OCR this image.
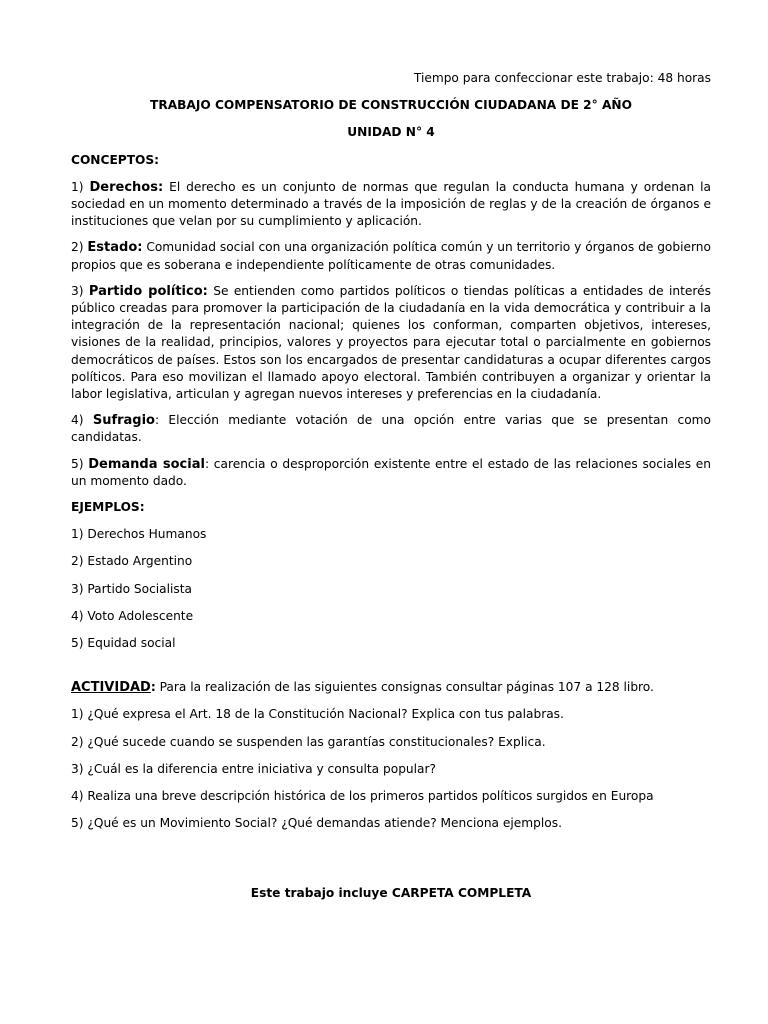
Tiempo para confeccionar este trabajo: 48 horas

TRABAJO COMPENSATORIO DE CONSTRUCCIÓN CIUDADANA DE 2° AÑO

UNIDAD N° 4

CONCEPTOS:

1) Derechos: El derecho es un conjunto de normas que regulan la conducta humana y ordenan la sociedad en un momento determinado a través de la imposición de reglas y de la creación de órganos e instituciones que velan por su cumplimiento y aplicación.

2) Estado: Comunidad social con una organización política común y un territorio y órganos de gobierno propios que es soberana e independiente políticamente de otras comunidades.

3) Partido político: Se entienden como partidos políticos o tiendas políticas a entidades de interés público creadas para promover la participación de la ciudadanía en la vida democrática y contribuir a la integración de la representación nacional; quienes los conforman, comparten objetivos, intereses, visiones de la realidad, principios, valores y proyectos para ejecutar total o parcialmente en gobiernos democráticos de países. Estos son los encargados de presentar candidaturas a ocupar diferentes cargos políticos. Para eso movilizan el llamado apoyo electoral. También contribuyen a organizar y orientar la labor legislativa, articulan y agregan nuevos intereses y preferencias en la ciudadanía.

4) Sufragio: Elección mediante votación de una opción entre varias que se presentan como candidatas.

5) Demanda social: carencia o desproporción existente entre el estado de las relaciones sociales en un momento dado.

EJEMPLOS:

1) Derechos Humanos

2) Estado Argentino

3) Partido Socialista

4) Voto Adolescente

5) Equidad social

ACTIVIDAD: Para la realización de las siguientes consignas consultar páginas 107 a 128 libro.

1) ¿Qué expresa el Art. 18 de la Constitución Nacional? Explica con tus palabras.

2) ¿Qué sucede cuando se suspenden las garantías constitucionales? Explica.

3) ¿Cuál es la diferencia entre iniciativa y consulta popular?

4) Realiza una breve descripción histórica de los primeros partidos políticos surgidos en Europa

5) ¿Qué es un Movimiento Social? ¿Qué demandas atiende? Menciona ejemplos.

Este trabajo incluye CARPETA COMPLETA
